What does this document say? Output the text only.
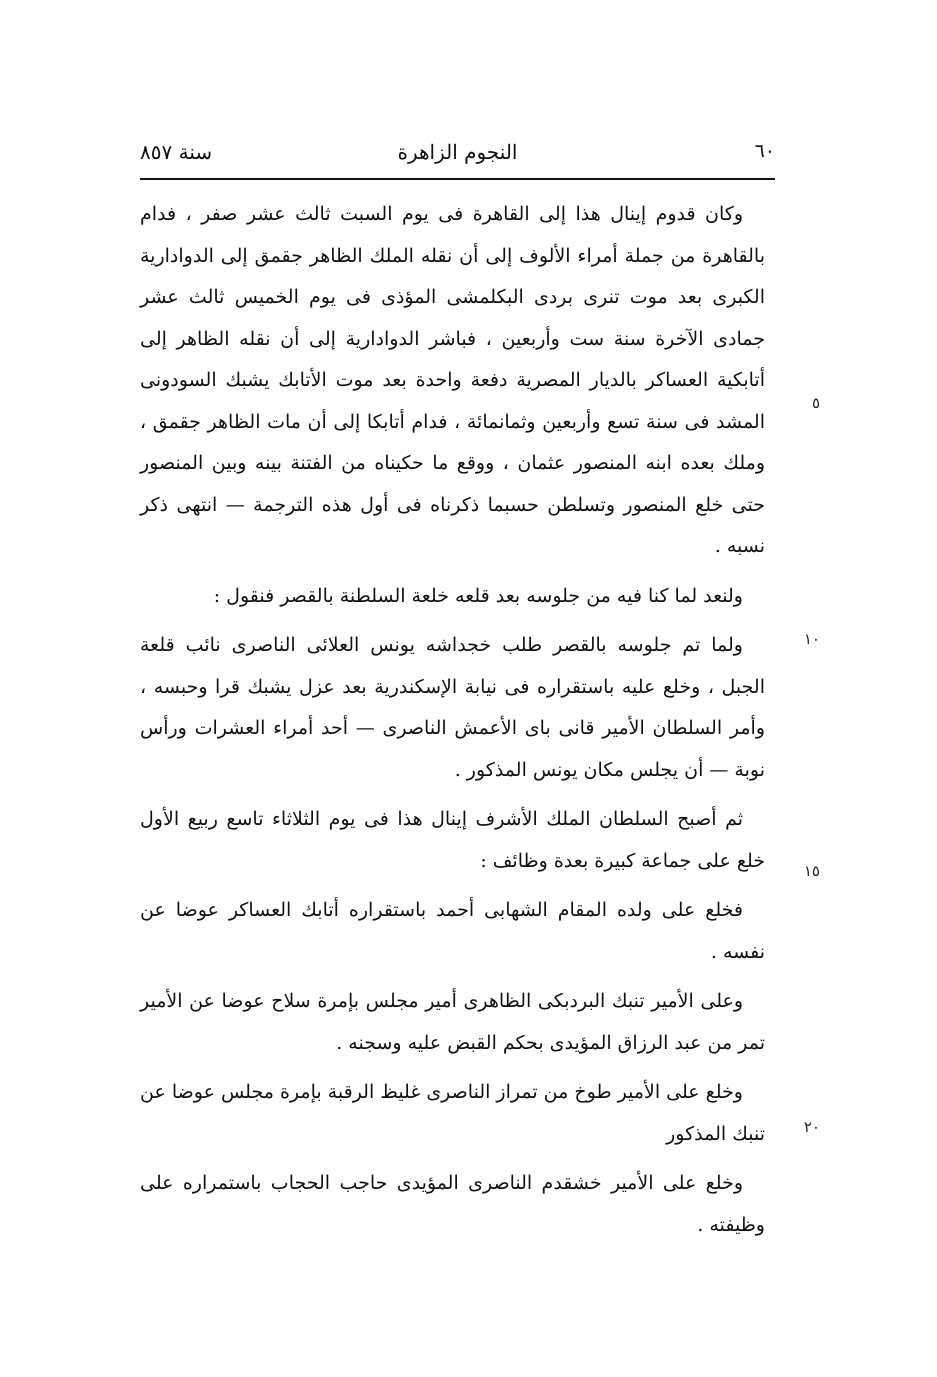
٦٠
النجوم الزاهرة
سنة ٨٥٧
٥
١٠
١٥
٢٠

وكان قدوم إينال هذا إلى القاهرة فى يوم السبت ثالث عشر صفر ، فدام بالقاهرة من جملة أمراء الألوف إلى أن نقله الملك الظاهر جقمق إلى الدوادارية الكبرى بعد موت تنرى بردى البكلمشى المؤذى فى يوم الخميس ثالث عشر جمادى الآخرة سنة ست وأربعين ، فباشر الدوادارية إلى أن نقله الظاهر إلى أتابكية العساكر بالديار المصرية دفعة واحدة بعد موت الأتابك يشبك السودونى المشد فى سنة تسع وأربعين وثمانمائة ، فدام أتابكا إلى أن مات الظاهر جقمق ، وملك بعده ابنه المنصور عثمان ، ووقع ما حكيناه من الفتنة بينه وبين المنصور حتى خلع المنصور وتسلطن حسبما ذكرناه فى أول هذه الترجمة — انتهى ذكر نسبه .

ولنعد لما كنا فيه من جلوسه بعد قلعه خلعة السلطنة بالقصر فنقول :

ولما تم جلوسه بالقصر طلب خجداشه يونس العلائى الناصرى نائب قلعة الجبل ، وخلع عليه باستقراره فى نيابة الإسكندرية بعد عزل يشبك قرا وحبسه ، وأمر السلطان الأمير قانى باى الأعمش الناصرى — أحد أمراء العشرات ورأس نوبة — أن يجلس مكان يونس المذكور .

ثم أصبح السلطان الملك الأشرف إينال هذا فى يوم الثلاثاء تاسع ربيع الأول خلع على جماعة كبيرة بعدة وظائف :

فخلع على ولده المقام الشهابى أحمد باستقراره أتابك العساكر عوضا عن نفسه .

وعلى الأمير تنبك البردبكى الظاهرى أمير مجلس بإمرة سلاح عوضا عن الأمير تمر من عبد الرزاق المؤيدى بحكم القبض عليه وسجنه .

وخلع على الأمير طوخ من تمراز الناصرى غليظ الرقبة بإمرة مجلس عوضا عن تنبك المذكور

وخلع على الأمير خشقدم الناصرى المؤيدى حاجب الحجاب باستمراره على وظيفته .
